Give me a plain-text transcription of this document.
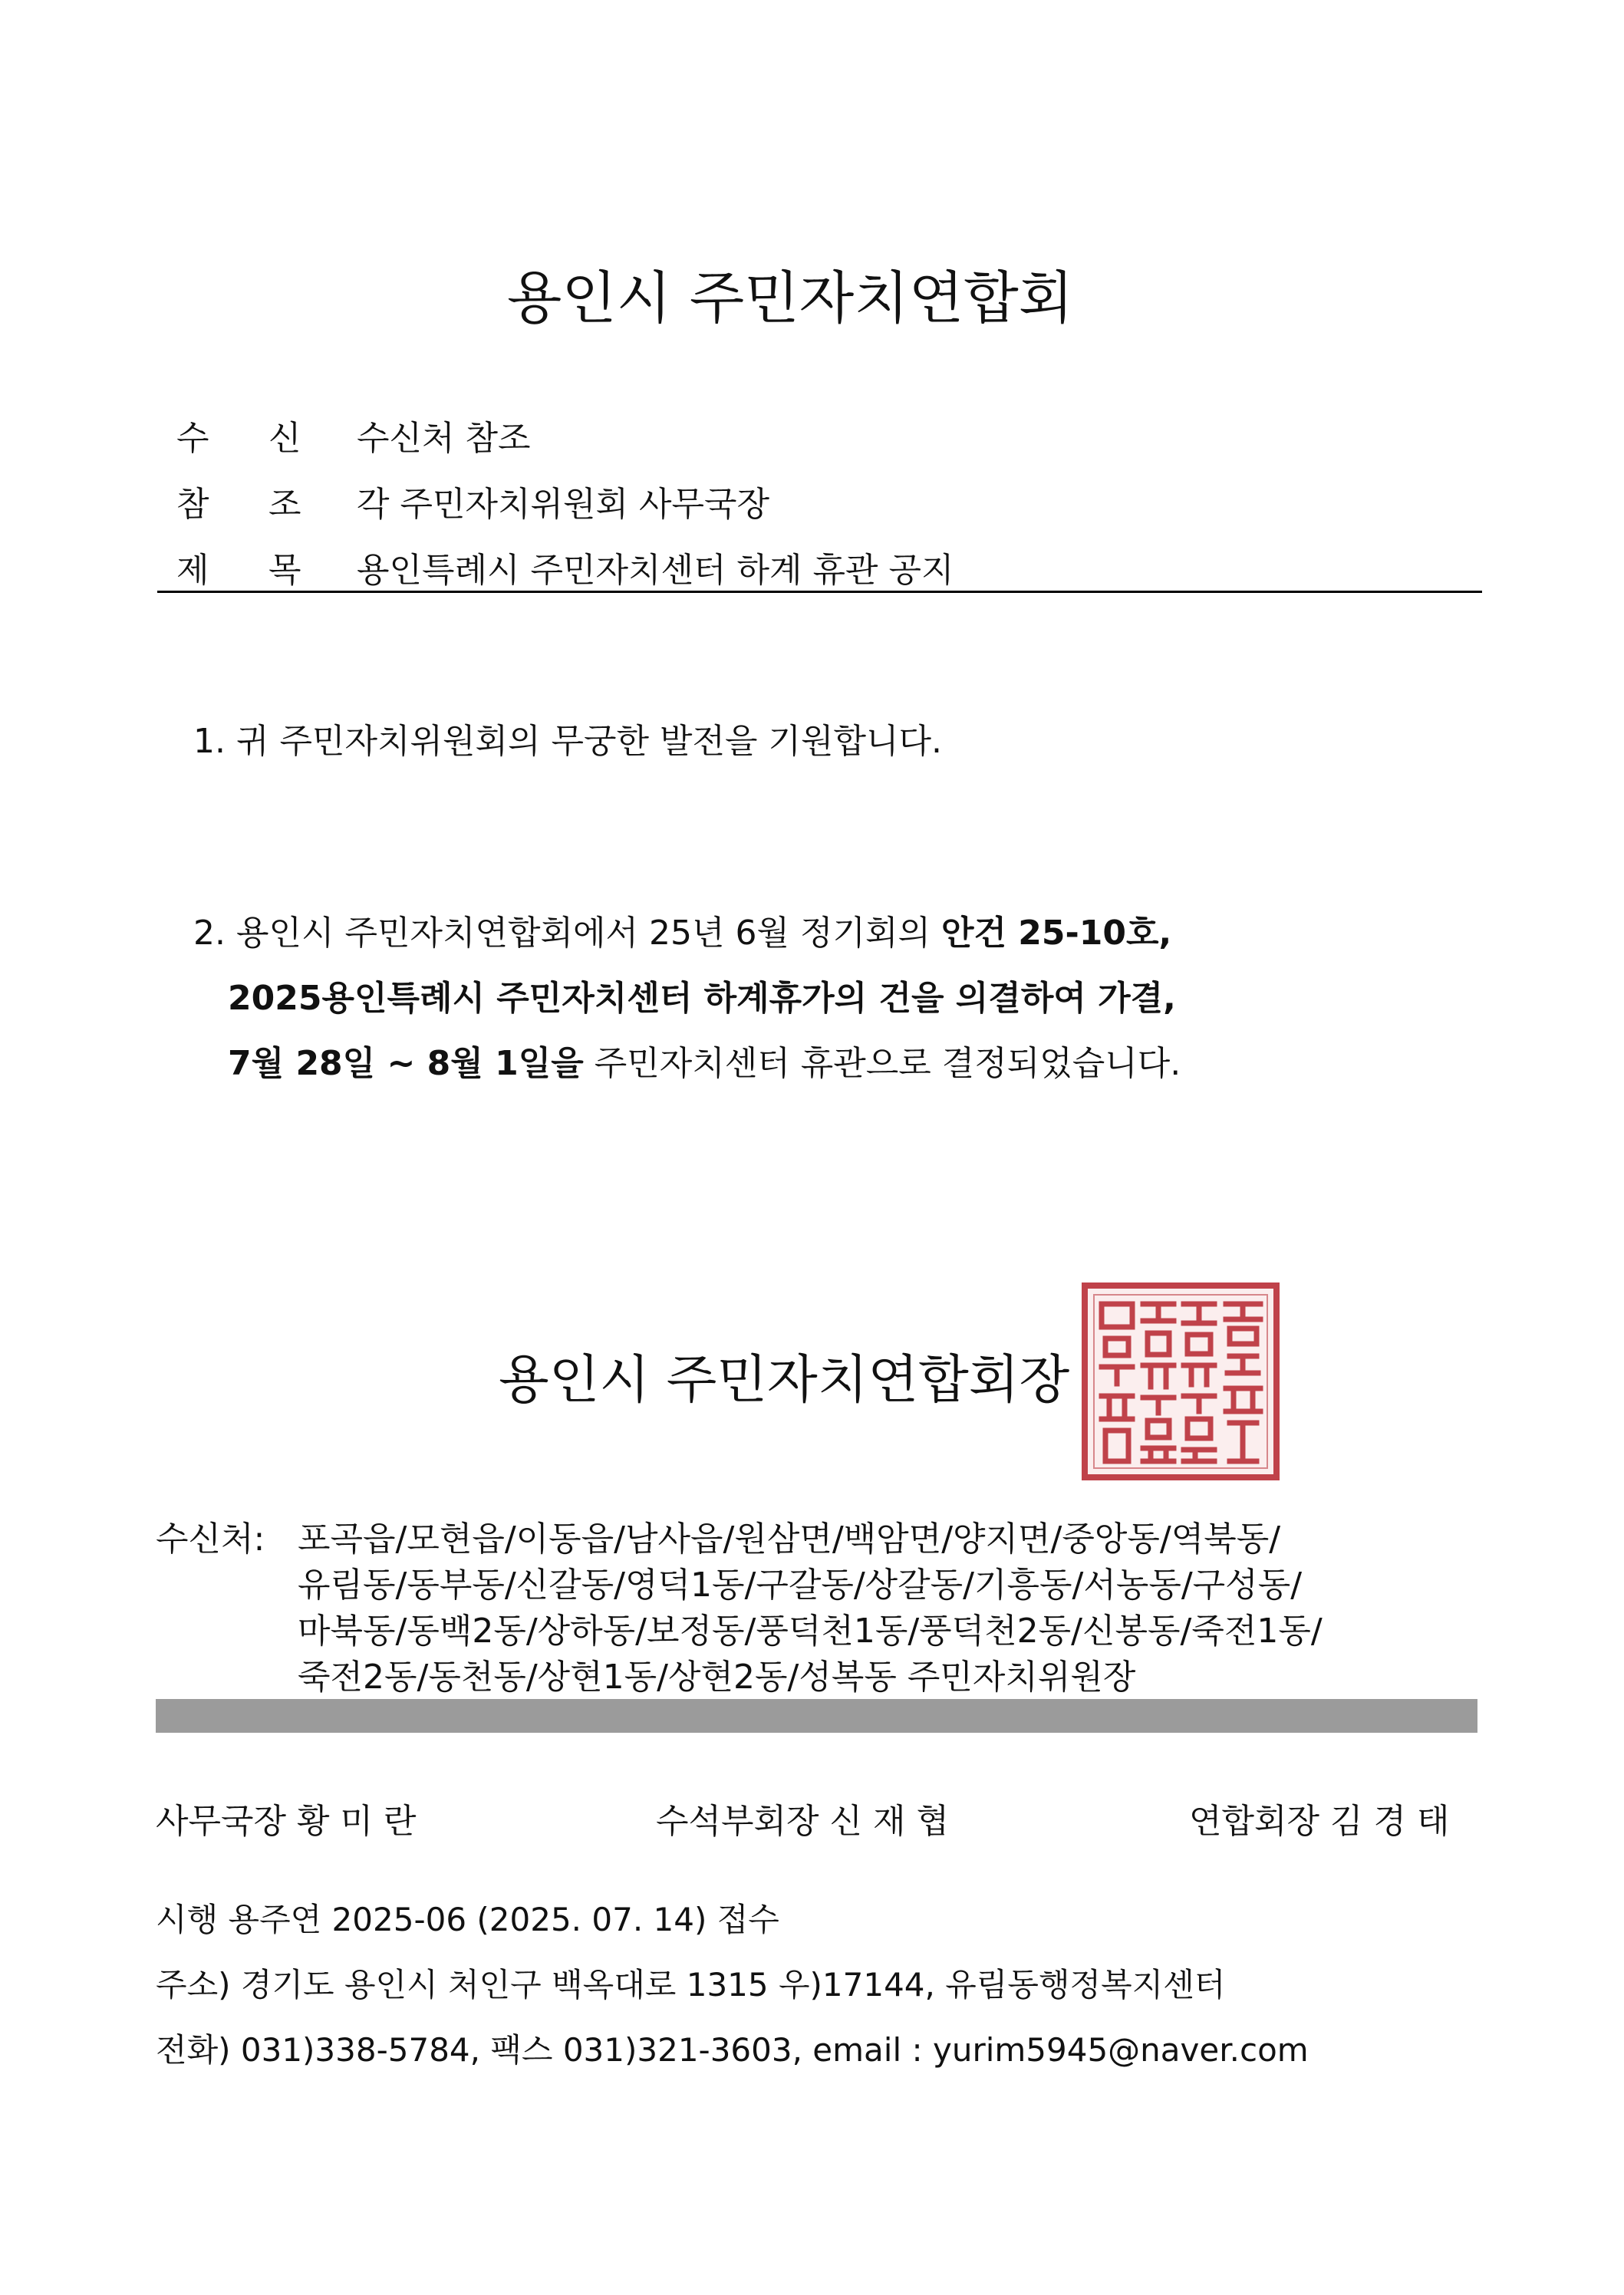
용인시 주민자치연합회
수 신 수신처 참조
참 조 각 주민자치위원회 사무국장
제 목 용인특례시 주민자치센터 하계 휴관 공지
1. 귀 주민자치위원회의 무궁한 발전을 기원합니다.
2. 용인시 주민자치연합회에서 25년 6월 정기회의 안건 25-10호,
2025용인특례시 주민자치센터 하계휴가의 건을 의결하여 가결,
7월 28일 ~ 8월 1일을 주민자치센터 휴관으로 결정되었습니다.
용인시 주민자치연합회장
수신처: 포곡읍/모현읍/이동읍/남사읍/원삼면/백암면/양지면/중앙동/역북동/
유림동/동부동/신갈동/영덕1동/구갈동/상갈동/기흥동/서농동/구성동/
마북동/동백2동/상하동/보정동/풍덕천1동/풍덕천2동/신봉동/죽전1동/
죽전2동/동천동/상현1동/상현2동/성복동 주민자치위원장
사무국장 황 미 란	수석부회장 신 재 협	연합회장 김 경 태
시행 용주연 2025-06 (2025. 07. 14) 접수
주소) 경기도 용인시 처인구 백옥대로 1315 우)17144, 유림동행정복지센터
전화) 031)338-5784, 팩스 031)321-3603, email : yurim5945@naver.com
